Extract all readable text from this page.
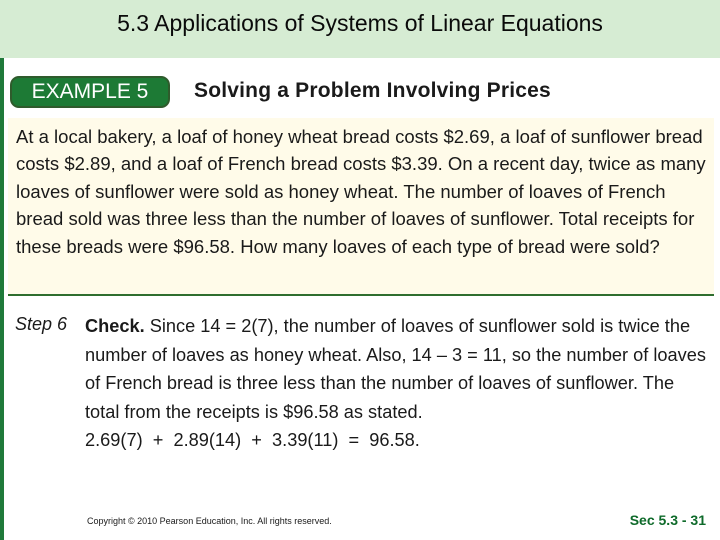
5.3 Applications of Systems of Linear Equations
EXAMPLE 5	Solving a Problem Involving Prices
At a local bakery, a loaf of honey wheat bread costs $2.69, a loaf of sunflower bread costs $2.89, and a loaf of French bread costs $3.39. On a recent day, twice as many loaves of sunflower were sold as honey wheat. The number of loaves of French bread sold was three less than the number of loaves of sunflower. Total receipts for these breads were $96.58. How many loaves of each type of bread were sold?
Step 6 Check. Since 14 = 2(7), the number of loaves of sunflower sold is twice the number of loaves as honey wheat. Also, 14 – 3 = 11, so the number of loaves of French bread is three less than the number of loaves of sunflower. The total from the receipts is $96.58 as stated.
2.69(7)  +  2.89(14)  +  3.39(11)  =  96.58.
Copyright © 2010 Pearson Education, Inc. All rights reserved.	Sec 5.3 - 31
